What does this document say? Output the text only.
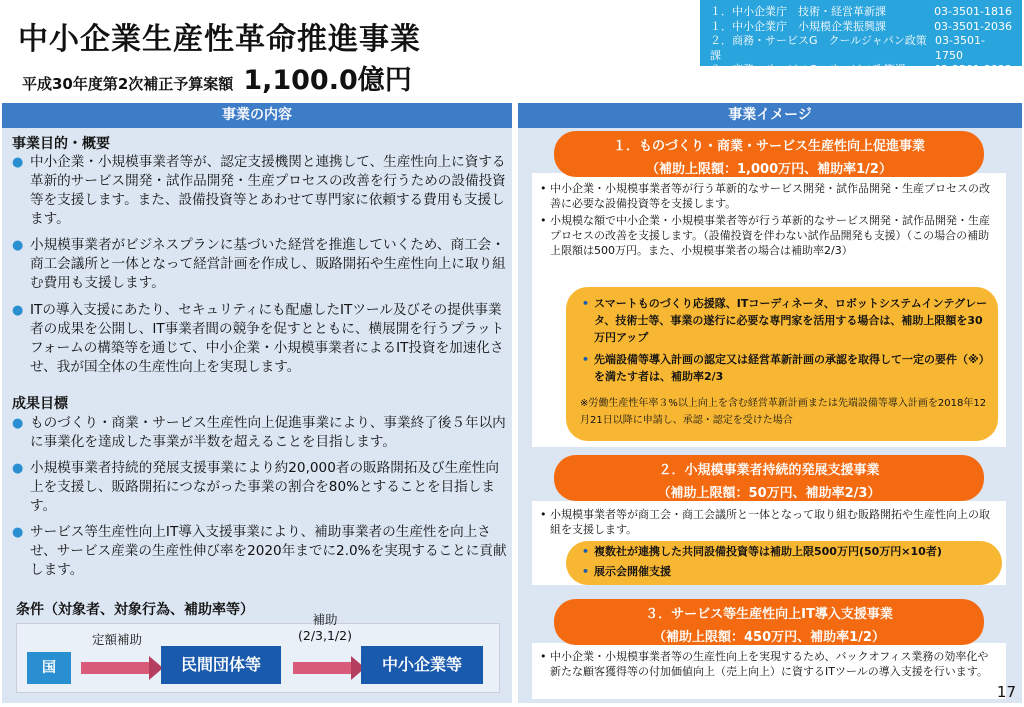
中小企業生産性革命推進事業
平成30年度第2次補正予算案額 1,100.0億円
１．中小企業庁　技術・経営革新課	03-3501-1816
１．中小企業庁　小規模企業振興課	03-3501-2036
２．商務・サービスG　クールジャパン政策課
03-3501-1750
３．商務・サービスG　サービス政策課	03-3501-3922
事業の内容
事業目的・概要
● 中小企業・小規模事業者等が、認定支援機関と連携して、生産性向上に資する革新的サービス開発・試作品開発・生産プロセスの改善を行うための設備投資等を支援します。また、設備投資等とあわせて専門家に依頼する費用も支援します。
● 小規模事業者がビジネスプランに基づいた経営を推進していくため、商工会・商工会議所と一体となって経営計画を作成し、販路開拓や生産性向上に取り組む費用も支援します。
● ITの導入支援にあたり、セキュリティにも配慮したITツール及びその提供事業者の成果を公開し、IT事業者間の競争を促すとともに、横展開を行うプラットフォームの構築等を通じて、中小企業・小規模事業者によるIT投資を加速化させ、我が国全体の生産性向上を実現します。
成果目標
● ものづくり・商業・サービス生産性向上促進事業により、事業終了後５年以内に事業化を達成した事業が半数を超えることを目指します。
● 小規模事業者持続的発展支援事業により約20,000者の販路開拓及び生産性向上を支援し、販路開拓につながった事業の割合を80%とすることを目指します。
● サービス等生産性向上IT導入支援事業により、補助事業者の生産性を向上させ、サービス産業の生産性伸び率を2020年までに2.0%を実現することに貢献します。
条件（対象者、対象行為、補助率等）
国
定額補助
民間団体等
補助
(2/3,1/2)
中小企業等
事業イメージ
• 中小企業・小規模事業者等が行う革新的なサービス開発・試作品開発・生産プロセスの改善に必要な設備投資等を支援します。
• 小規模な額で中小企業・小規模事業者等が行う革新的なサービス開発・試作品開発・生産プロセスの改善を支援します。（設備投資を伴わない試作品開発も支援）（この場合の補助上限額は500万円。また、小規模事業者の場合は補助率2/3）
• スマートものづくり応援隊、ITコーディネータ、ロボットシステムインテグレータ、技術士等、事業の遂行に必要な専門家を活用する場合は、補助上限額を30万円アップ
• 先端設備等導入計画の認定又は経営革新計画の承認を取得して一定の要件（※）を満たす者は、補助率2/3
※労働生産性年率３%以上向上を含む経営革新計画または先端設備等導入計画を2018年12月21日以降に申請し、承認・認定を受けた場合
１．ものづくり・商業・サービス生産性向上促進事業
（補助上限額：1,000万円、補助率1/2）
• 小規模事業者等が商工会・商工会議所と一体となって取り組む販路開拓や生産性向上の取組を支援します。
• 複数社が連携した共同設備投資等は補助上限500万円(50万円×10者)
• 展示会開催支援
２．小規模事業者持続的発展支援事業
（補助上限額：50万円、補助率2/3）
• 中小企業・小規模事業者等の生産性向上を実現するため、バックオフィス業務の効率化や新たな顧客獲得等の付加価値向上（売上向上）に資するITツールの導入支援を行います。
３．サービス等生産性向上IT導入支援事業
（補助上限額：450万円、補助率1/2）
17
